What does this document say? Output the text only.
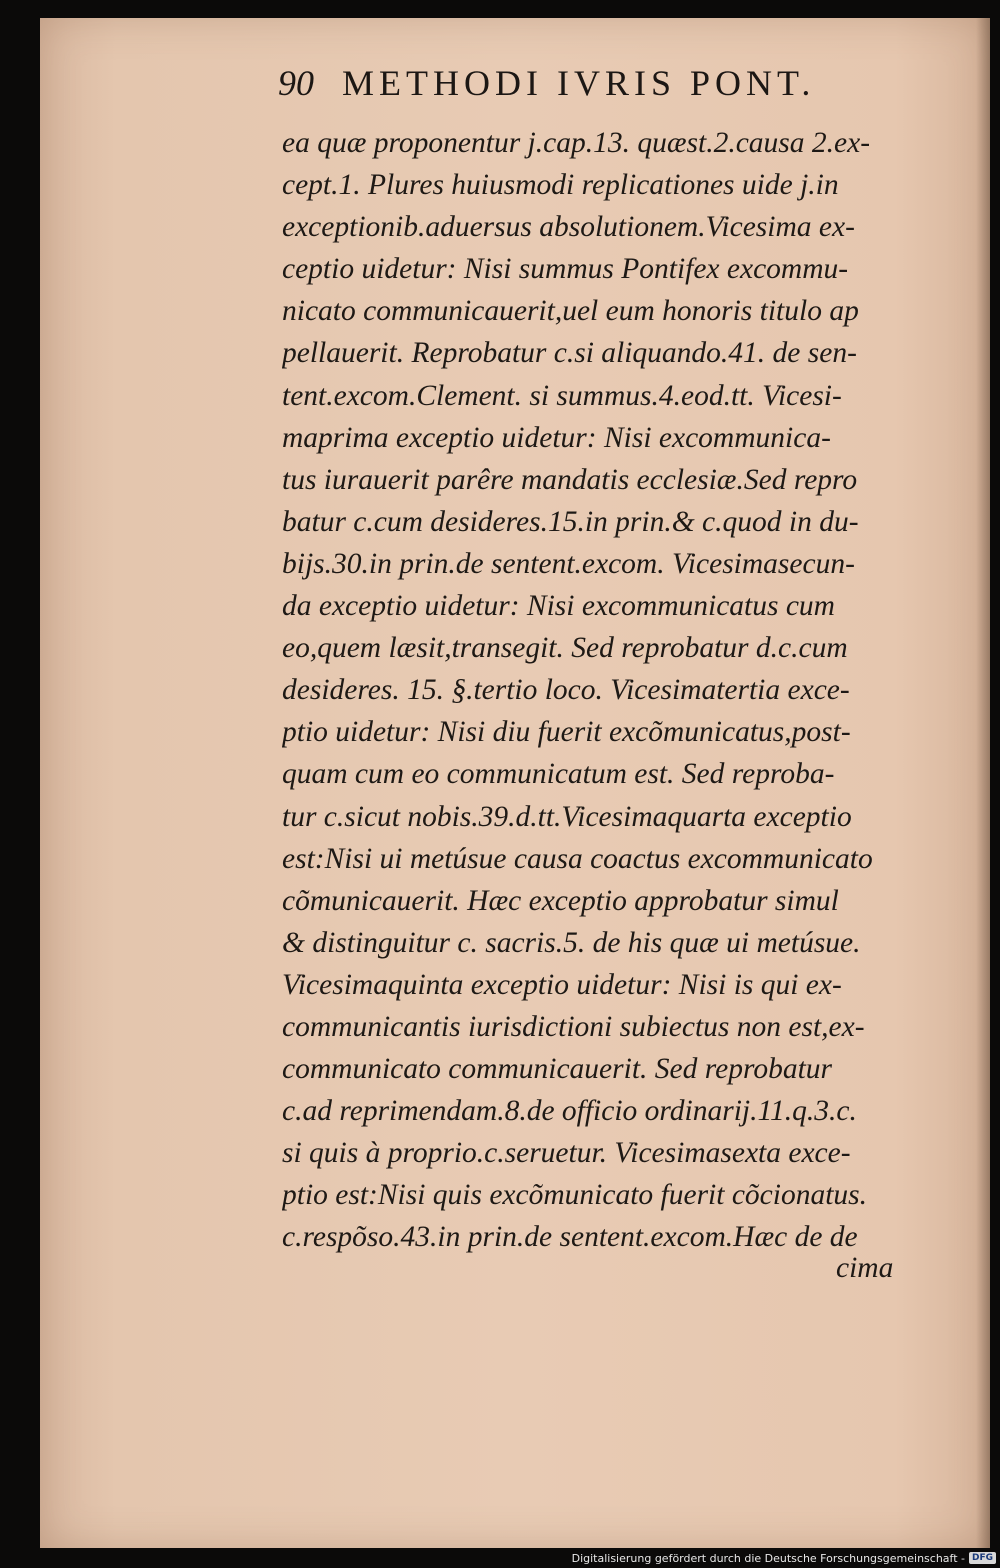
90 METHODI IVRIS PONT.
ea quæ proponentur j.cap.13. quæst.2.causa 2.ex-
cept.1. Plures huiusmodi replicationes uide j.in
exceptionib.aduersus absolutionem.Vicesima ex-
ceptio uidetur: Nisi summus Pontifex excommu-
nicato communicauerit,uel eum honoris titulo ap
pellauerit. Reprobatur c.si aliquando.41. de sen-
tent.excom.Clement. si summus.4.eod.tt. Vicesi-
maprima exceptio uidetur: Nisi excommunica-
tus iurauerit parêre mandatis ecclesiæ.Sed repro
batur c.cum desideres.15.in prin.& c.quod in du-
bijs.30.in prin.de sentent.excom. Vicesimasecun-
da exceptio uidetur: Nisi excommunicatus cum
eo,quem læsit,transegit. Sed reprobatur d.c.cum
desideres. 15. §.tertio loco. Vicesimatertia exce-
ptio uidetur: Nisi diu fuerit excõmunicatus,post-
quam cum eo communicatum est. Sed reproba-
tur c.sicut nobis.39.d.tt.Vicesimaquarta exceptio
est:Nisi ui metúsue causa coactus excommunicato
cõmunicauerit. Hæc exceptio approbatur simul
& distinguitur c. sacris.5. de his quæ ui metúsue.
Vicesimaquinta exceptio uidetur: Nisi is qui ex-
communicantis iurisdictioni subiectus non est,ex-
communicato communicauerit. Sed reprobatur
c.ad reprimendam.8.de officio ordinarij.11.q.3.c.
si quis à proprio.c.seruetur. Vicesimasexta exce-
ptio est:Nisi quis excõmunicato fuerit cõcionatus.
c.respõso.43.in prin.de sentent.excom.Hæc de de
cima
Digitalisierung gefördert durch die Deutsche Forschungsgemeinschaft - DFG
